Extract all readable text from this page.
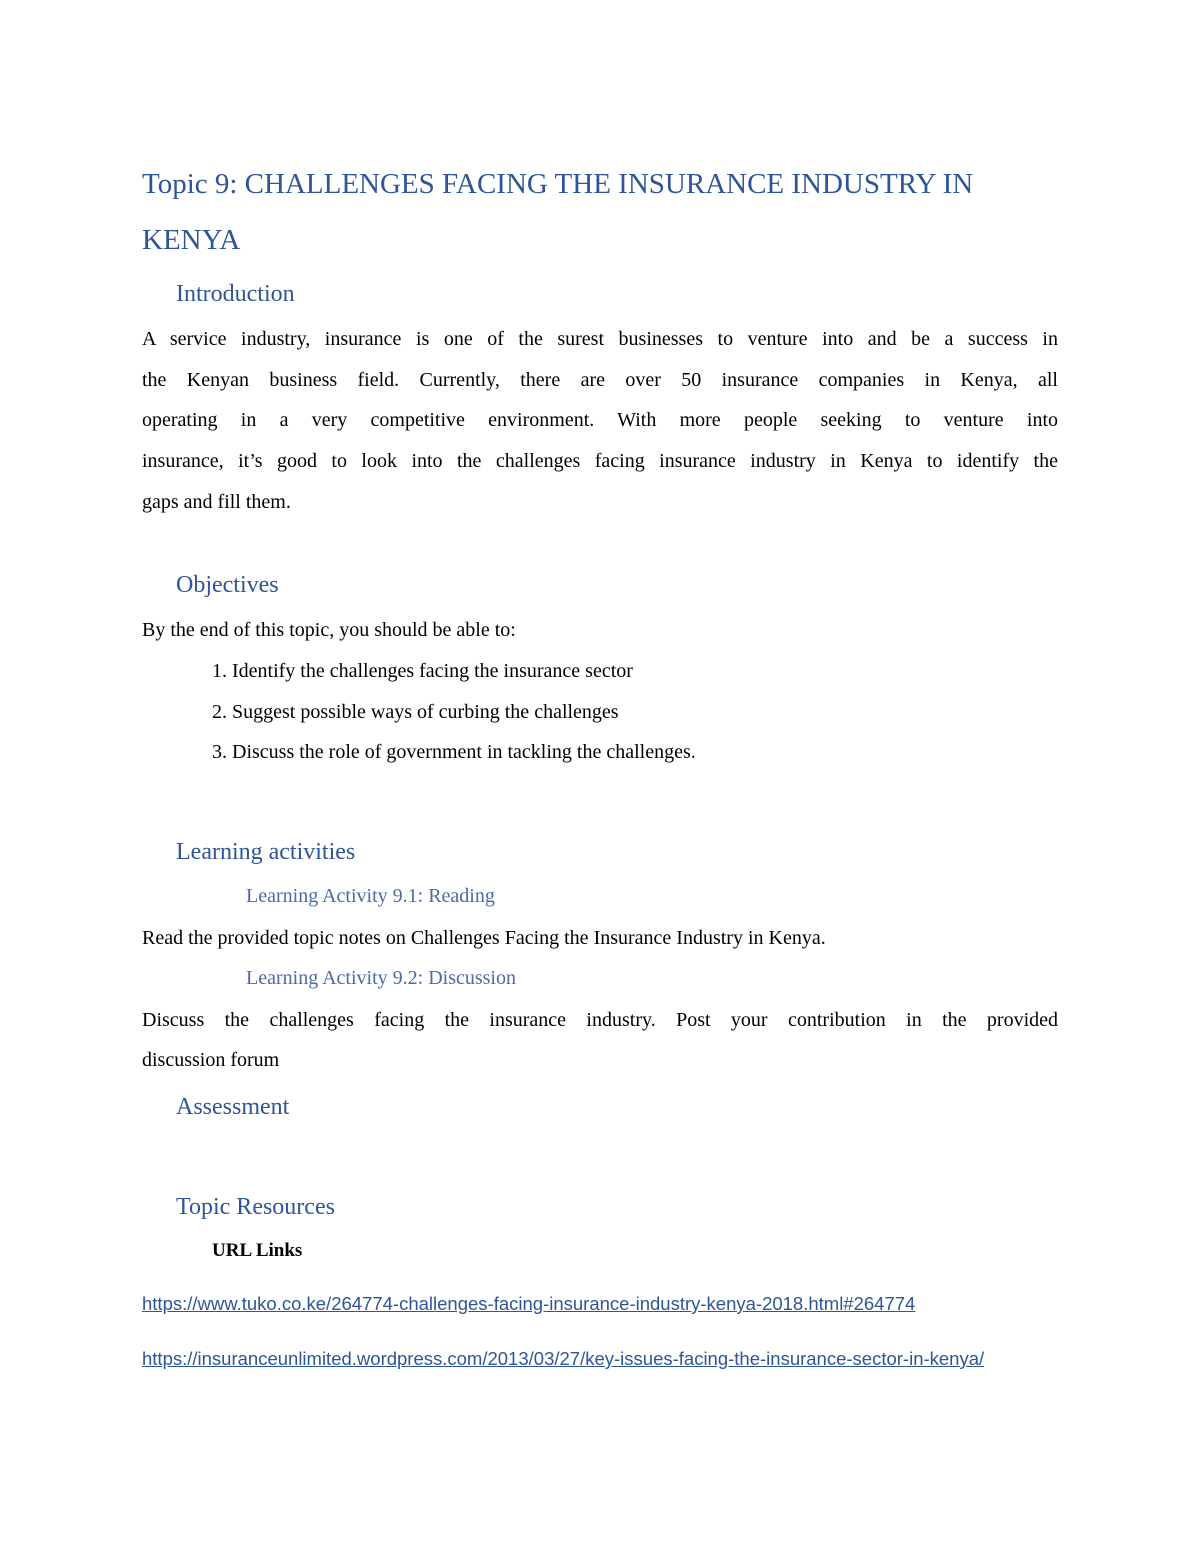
Topic 9: CHALLENGES FACING THE INSURANCE INDUSTRY IN
KENYA
Introduction

A service industry, insurance is one of the surest businesses to venture into and be a success in

the Kenyan business field. Currently, there are over 50 insurance companies in Kenya, all

operating in a very competitive environment. With more people seeking to venture into

insurance, it’s good to look into the challenges facing insurance industry in Kenya to identify the

gaps and fill them.

Objectives

By the end of this topic, you should be able to:

1. Identify the challenges facing the insurance sector

2. Suggest possible ways of curbing the challenges

3. Discuss the role of government in tackling the challenges.

Learning activities
Learning Activity 9.1: Reading

Read the provided topic notes on Challenges Facing the Insurance Industry in Kenya.

Learning Activity 9.2: Discussion

Discuss the challenges facing the insurance industry. Post your contribution in the provided

discussion forum

Assessment
Topic Resources

URL Links

https://www.tuko.co.ke/264774-challenges-facing-insurance-industry-kenya-2018.html#264774
https://insuranceunlimited.wordpress.com/2013/03/27/key-issues-facing-the-insurance-sector-in-kenya/
